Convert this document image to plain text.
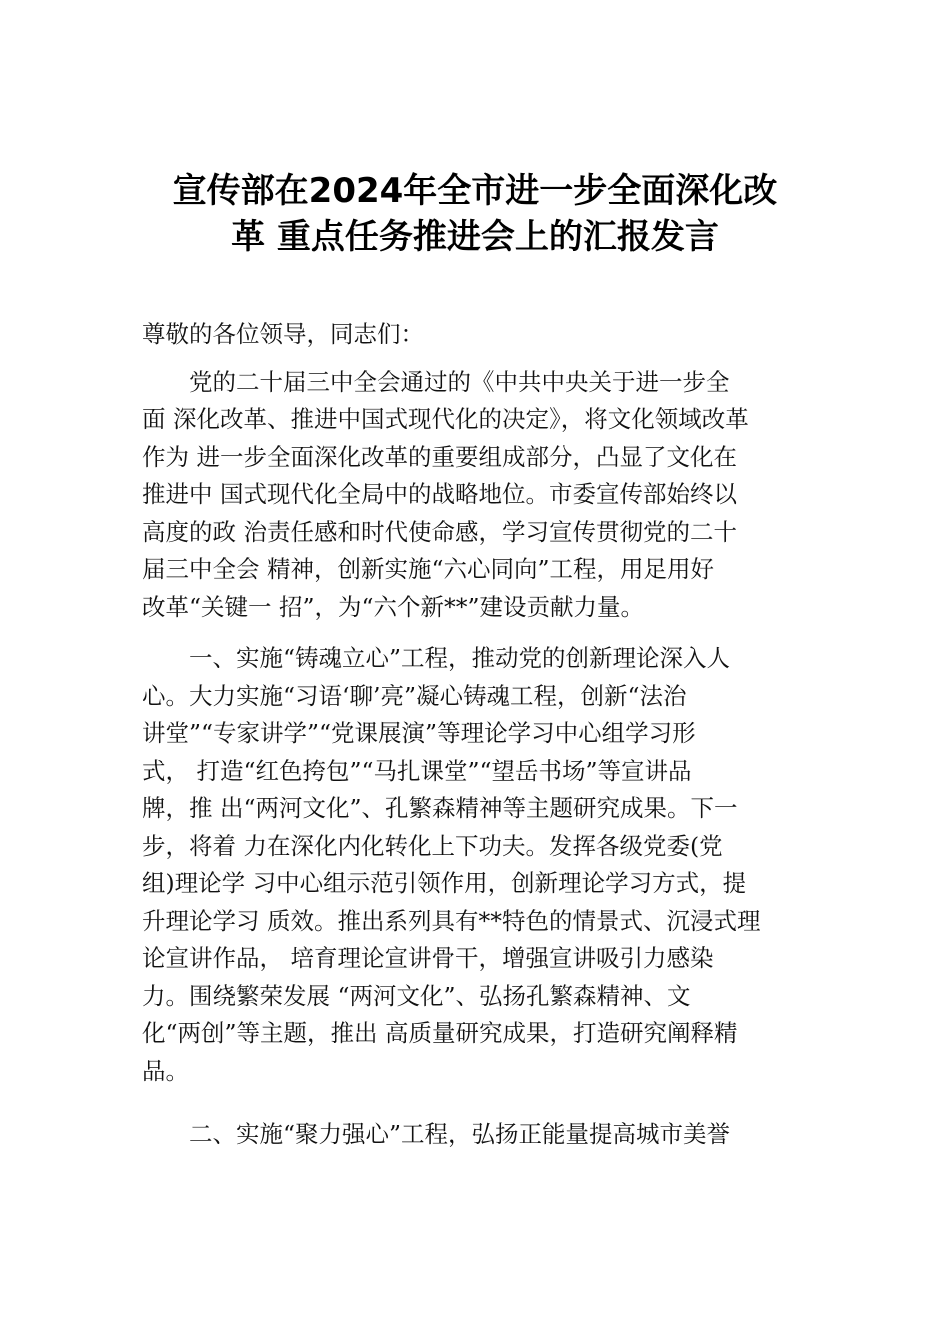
宣传部在2024年全市进一步全面深化改
革 重点任务推进会上的汇报发言

尊敬的各位领导，同志们：

党的二十届三中全会通过的《中共中央关于进一步全
面 深化改革、推进中国式现代化的决定》，将文化领域改革
作为 进一步全面深化改革的重要组成部分，凸显了文化在
推进中 国式现代化全局中的战略地位。市委宣传部始终以
高度的政 治责任感和时代使命感，学习宣传贯彻党的二十
届三中全会 精神，创新实施“六心同向”工程，用足用好
改革“关键一 招”，为“六个新**”建设贡献力量。
一、实施“铸魂立心”工程，推动党的创新理论深入人
心。大力实施“习语‘聊’亮”凝心铸魂工程，创新“法治
讲堂”“专家讲学”“党课展演”等理论学习中心组学习形
式， 打造“红色挎包”“马扎课堂”“望岳书场”等宣讲品
牌，推 出“两河文化”、孔繁森精神等主题研究成果。下一
步，将着 力在深化内化转化上下功夫。发挥各级党委(党
组)理论学 习中心组示范引领作用，创新理论学习方式，提
升理论学习 质效。推出系列具有**特色的情景式、沉浸式理
论宣讲作品， 培育理论宣讲骨干，增强宣讲吸引力感染
力。围绕繁荣发展 “两河文化”、弘扬孔繁森精神、文
化“两创”等主题，推出 高质量研究成果，打造研究阐释精
品。
二、实施“聚力强心”工程，弘扬正能量提高城市美誉
